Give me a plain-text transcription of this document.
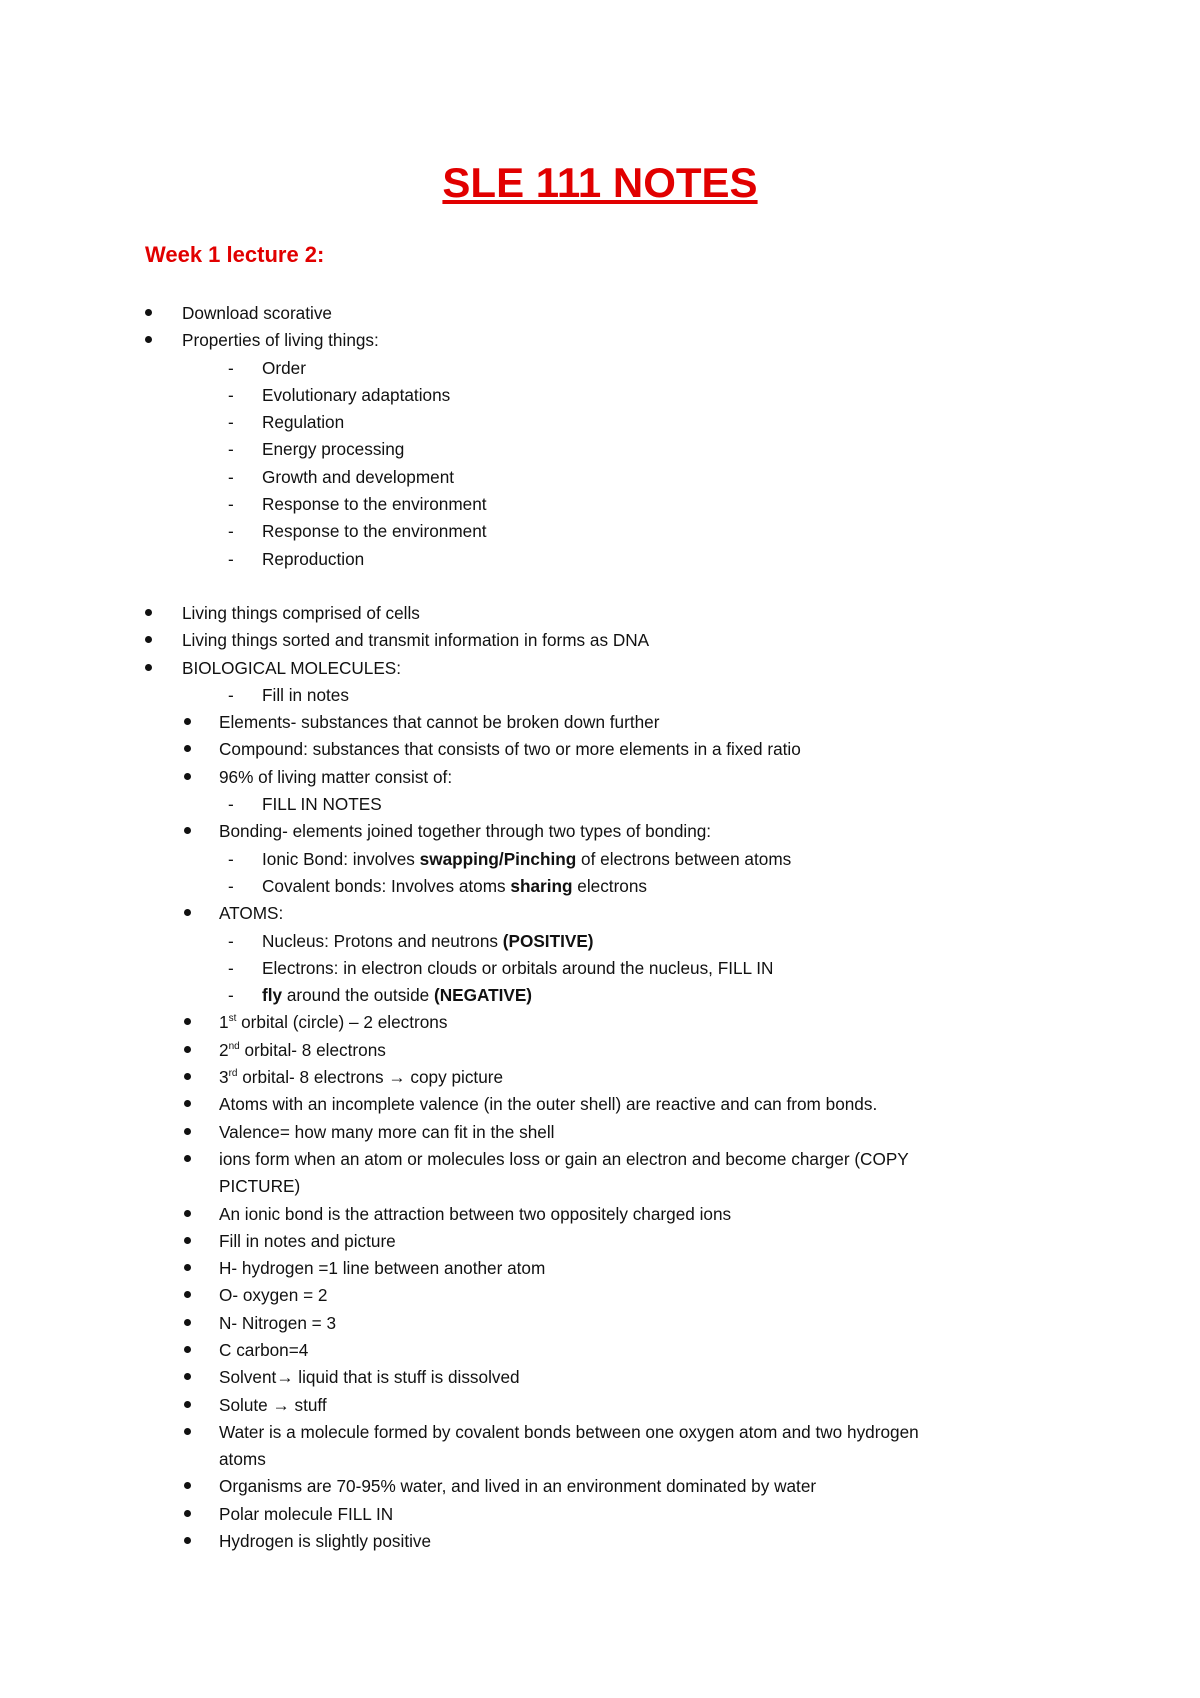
SLE 111 NOTES
Week 1 lecture 2:
Download scorative
Properties of living things:
- Order
- Evolutionary adaptations
- Regulation
- Energy processing
- Growth and development
- Response to the environment
- Response to the environment
- Reproduction
Living things comprised of cells
Living things sorted and transmit information in forms as DNA
BIOLOGICAL MOLECULES:
- Fill in notes
Elements- substances that cannot be broken down further
Compound: substances that consists of two or more elements in a fixed ratio
96% of living matter consist of:
- FILL IN NOTES
Bonding- elements joined together through two types of bonding:
- Ionic Bond: involves swapping/Pinching of electrons between atoms
- Covalent bonds: Involves atoms sharing electrons
ATOMS:
- Nucleus: Protons and neutrons (POSITIVE)
- Electrons: in electron clouds or orbitals around the nucleus, FILL IN
- fly around the outside (NEGATIVE)
1st orbital (circle) – 2 electrons
2nd orbital- 8 electrons
3rd orbital- 8 electrons → copy picture
Atoms with an incomplete valence (in the outer shell) are reactive and can from bonds.
Valence= how many more can fit in the shell
ions form when an atom or molecules loss or gain an electron and become charger (COPY
PICTURE)
An ionic bond is the attraction between two oppositely charged ions
Fill in notes and picture
H- hydrogen =1 line between another atom
O- oxygen = 2
N- Nitrogen = 3
C carbon=4
Solvent→ liquid that is stuff is dissolved
Solute → stuff
Water is a molecule formed by covalent bonds between one oxygen atom and two hydrogen
atoms
Organisms are 70-95% water, and lived in an environment dominated by water
Polar molecule FILL IN
Hydrogen is slightly positive
